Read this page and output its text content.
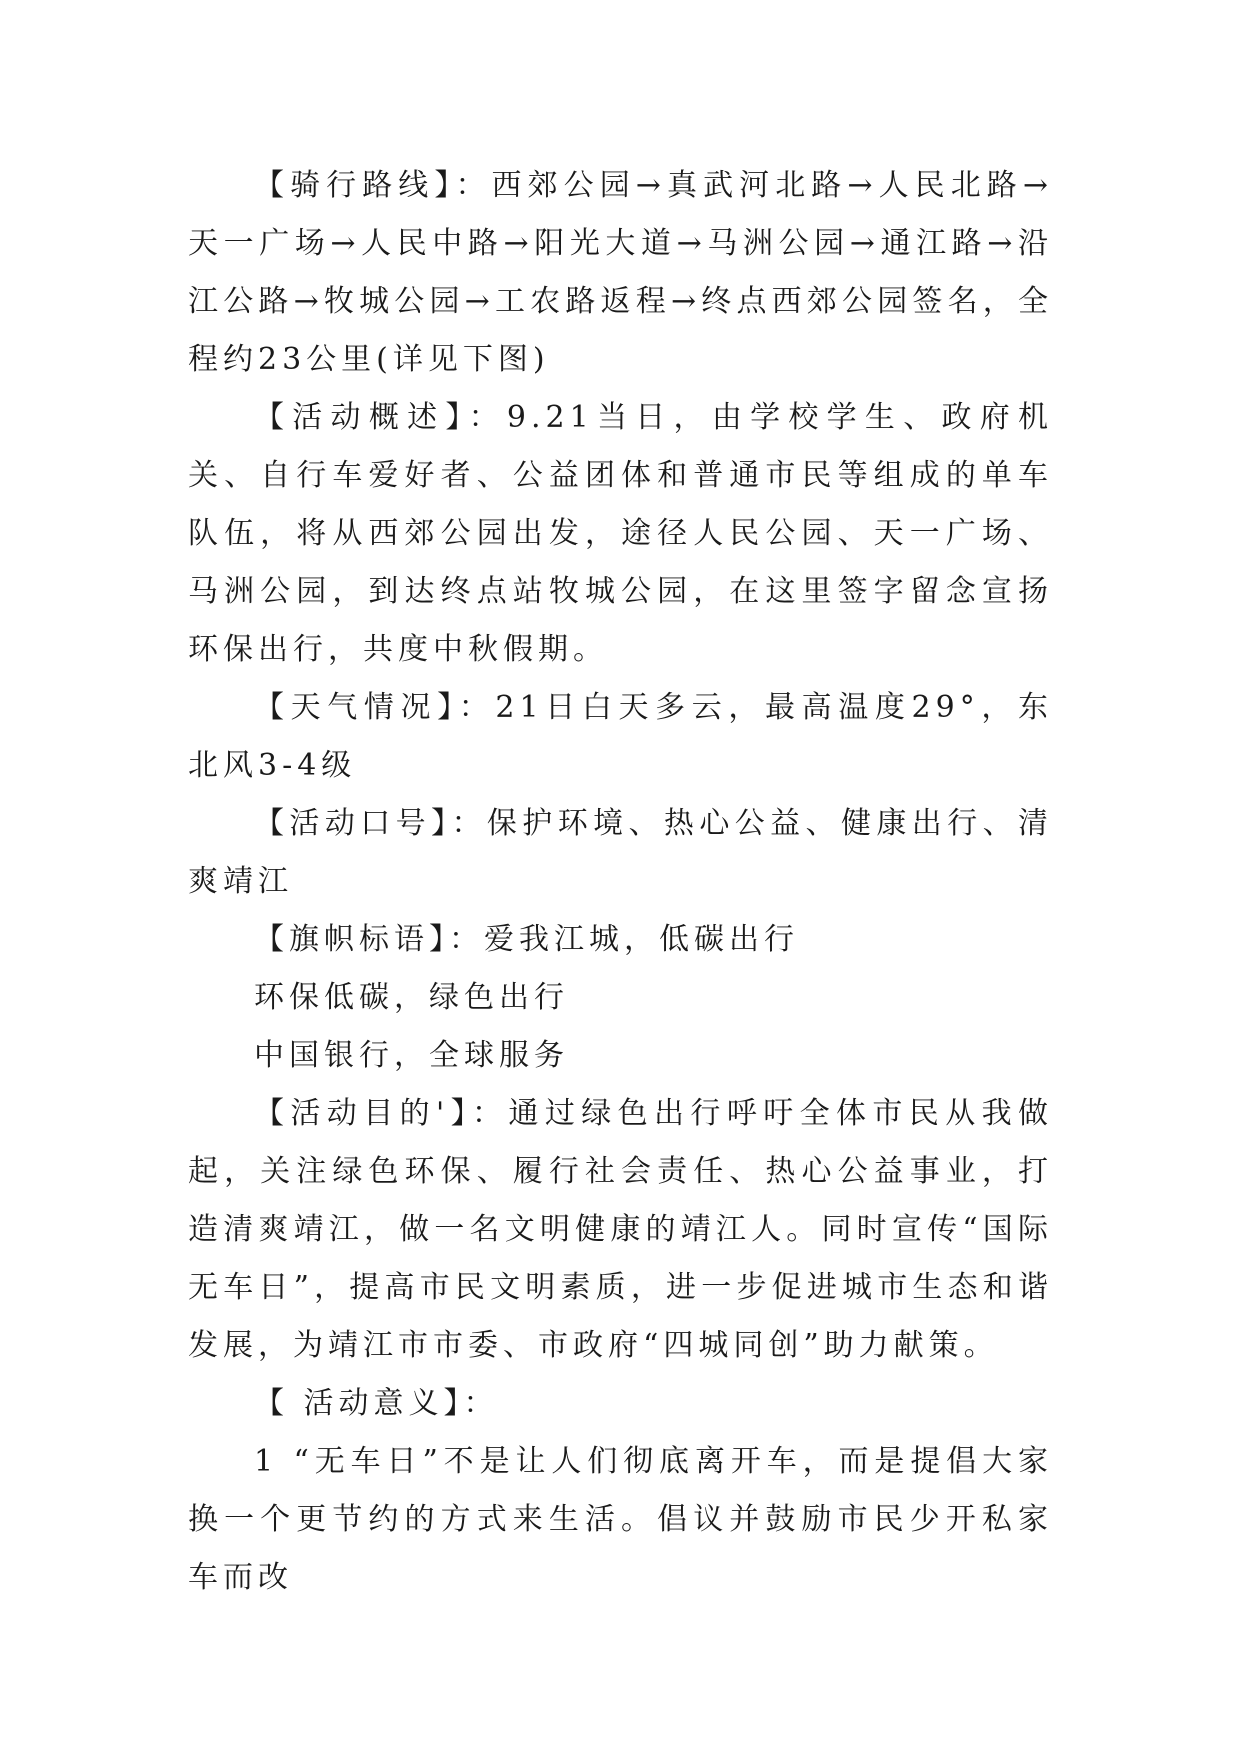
【骑行路线】：西郊公园→真武河北路→人民北路→天一广场→人民中路→阳光大道→马洲公园→通江路→沿江公路→牧城公园→工农路返程→终点西郊公园签名，全程约23公里(详见下图)

【活动概述】：9.21当日，由学校学生、政府机关、自行车爱好者、公益团体和普通市民等组成的单车队伍，将从西郊公园出发，途径人民公园、天一广场、马洲公园，到达终点站牧城公园，在这里签字留念宣扬环保出行，共度中秋假期。

【天气情况】：21日白天多云，最高温度29°，东北风3-4级

【活动口号】：保护环境、热心公益、健康出行、清爽靖江

【旗帜标语】：爱我江城，低碳出行

环保低碳，绿色出行

中国银行，全球服务

【活动目的'】：通过绿色出行呼吁全体市民从我做起，关注绿色环保、履行社会责任、热心公益事业，打造清爽靖江，做一名文明健康的靖江人。同时宣传“国际无车日”，提高市民文明素质，进一步促进城市生态和谐发展，为靖江市市委、市政府“四城同创”助力献策。

【 活动意义】：

1 “无车日”不是让人们彻底离开车，而是提倡大家换一个更节约的方式来生活。倡议并鼓励市民少开私家车而改
